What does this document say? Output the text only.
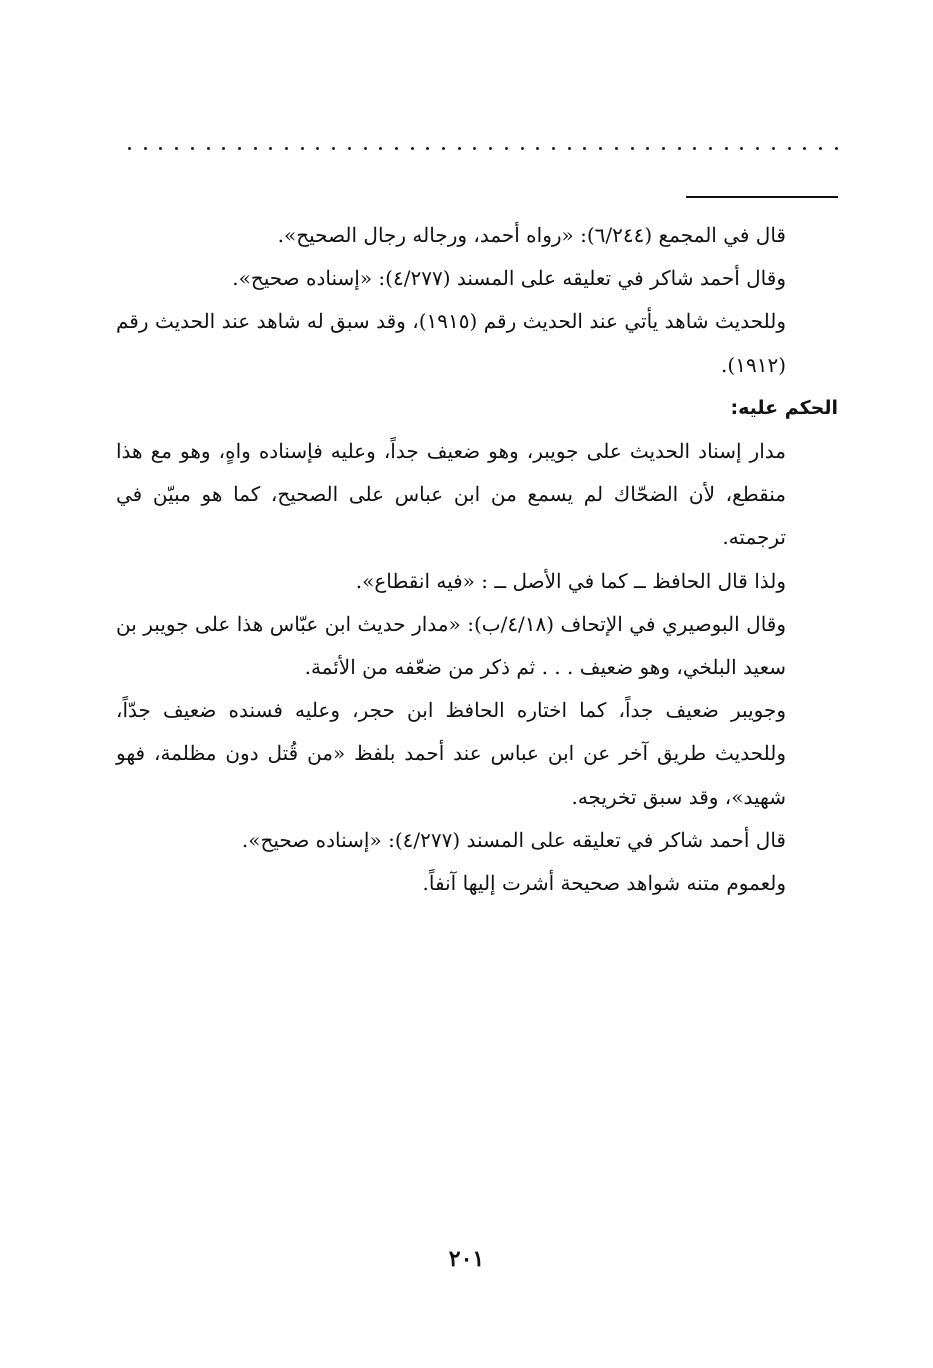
قال في المجمع (٦/٢٤٤): «رواه أحمد، ورجاله رجال الصحيح».

وقال أحمد شاكر في تعليقه على المسند (٤/٢٧٧): «إسناده صحيح».

وللحديث شاهد يأتي عند الحديث رقم (١٩١٥)، وقد سبق له شاهد عند الحديث رقم (١٩١٢).

الحكم عليه:

مدار إسناد الحديث على جويبر، وهو ضعيف جداً، وعليه فإسناده واهٍ، وهو مع هذا منقطع، لأن الضحّاك لم يسمع من ابن عباس على الصحيح، كما هو مبيّن في ترجمته.

ولذا قال الحافظ ــ كما في الأصل ــ : «فيه انقطاع».

وقال البوصيري في الإتحاف (٤/١٨/ب): «مدار حديث ابن عبّاس هذا على جويبر بن سعيد البلخي، وهو ضعيف . . . ثم ذكر من ضعّفه من الأئمة.

وجويبر ضعيف جداً، كما اختاره الحافظ ابن حجر، وعليه فسنده ضعيف جدّاً، وللحديث طريق آخر عن ابن عباس عند أحمد بلفظ «من قُتل دون مظلمة، فهو شهيد»، وقد سبق تخريجه.

قال أحمد شاكر في تعليقه على المسند (٤/٢٧٧): «إسناده صحيح».

ولعموم متنه شواهد صحيحة أشرت إليها آنفاً.

٢٠١
